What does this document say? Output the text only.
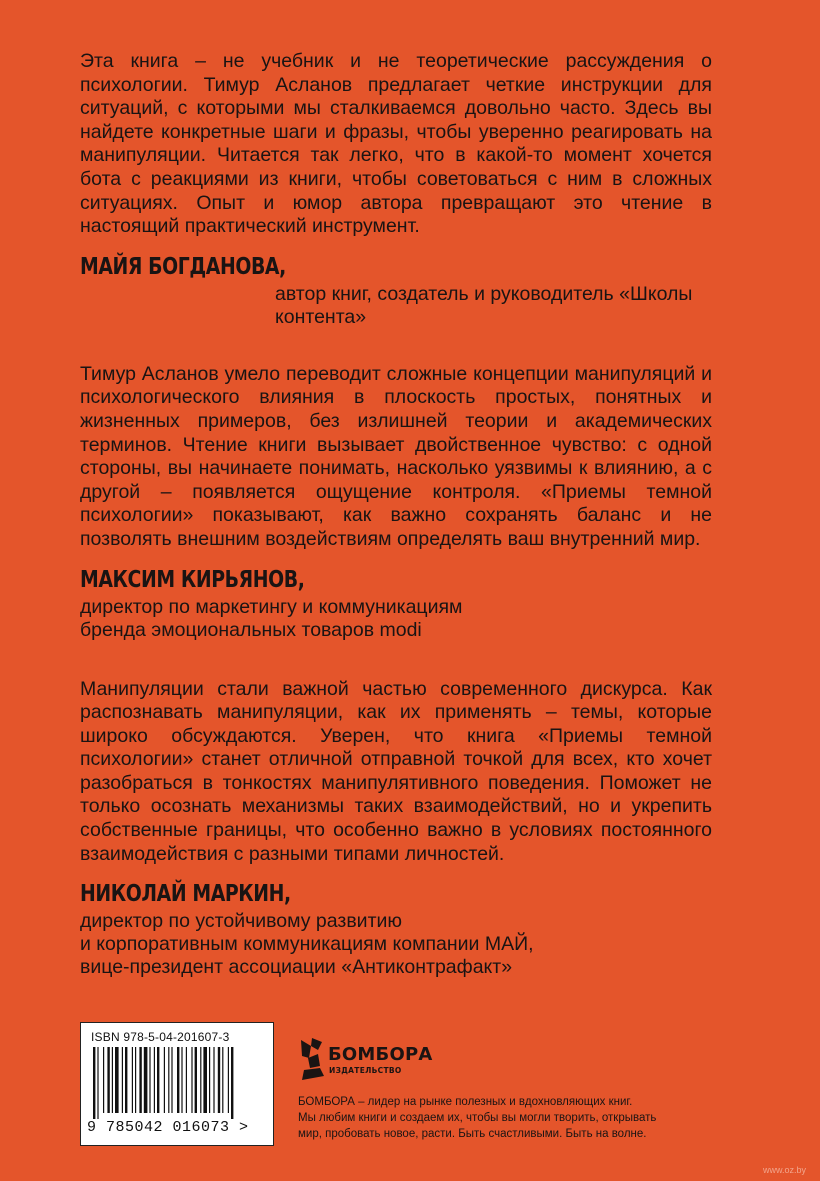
Эта книга – не учебник и не теоретические рассуждения о психологии. Тимур Асланов предлагает четкие инструкции для ситуаций, с которыми мы сталкиваемся довольно часто. Здесь вы найдете конкретные шаги и фразы, чтобы уверенно реагировать на манипуляции. Читается так легко, что в какой-то момент хочется бота с реакциями из книги, чтобы советоваться с ним в сложных ситуациях. Опыт и юмор автора превращают это чтение в настоящий практический инструмент.

МАЙЯ БОГДАНОВА,
автор книг, создатель и руководитель «Школы контента»

Тимур Асланов умело переводит сложные концепции манипуляций и психологического влияния в плоскость простых, понятных и жизненных примеров, без излишней теории и академических терминов. Чтение книги вызывает двойственное чувство: с одной стороны, вы начинаете понимать, насколько уязвимы к влиянию, а с другой – появляется ощущение контроля. «Приемы темной психологии» показывают, как важно сохранять баланс и не позволять внешним воздействиям определять ваш внутренний мир.

МАКСИМ КИРЬЯНОВ,
директор по маркетингу и коммуникациям
бренда эмоциональных товаров modi

Манипуляции стали важной частью современного дискурса. Как распознавать манипуляции, как их применять – темы, которые широко обсуждаются. Уверен, что книга «Приемы темной психологии» станет отличной отправной точкой для всех, кто хочет разобраться в тонкостях манипулятивного поведения. Поможет не только осознать механизмы таких взаимодействий, но и укрепить собственные границы, что особенно важно в условиях постоянного взаимодействия с разными типами личностей.

НИКОЛАЙ МАРКИН,
директор по устойчивому развитию
и корпоративным коммуникациям компании МАЙ,
вице-президент ассоциации «Антиконтрафакт»
ISBN 978-5-04-201607-3
9 785042 016073 >
БОМБОРА
ИЗДАТЕЛЬСТВО
БОМБОРА – лидер на рынке полезных и вдохновляющих книг.
Мы любим книги и создаем их, чтобы вы могли творить, открывать
мир, пробовать новое, расти. Быть счастливыми. Быть на волне.
www.oz.by
